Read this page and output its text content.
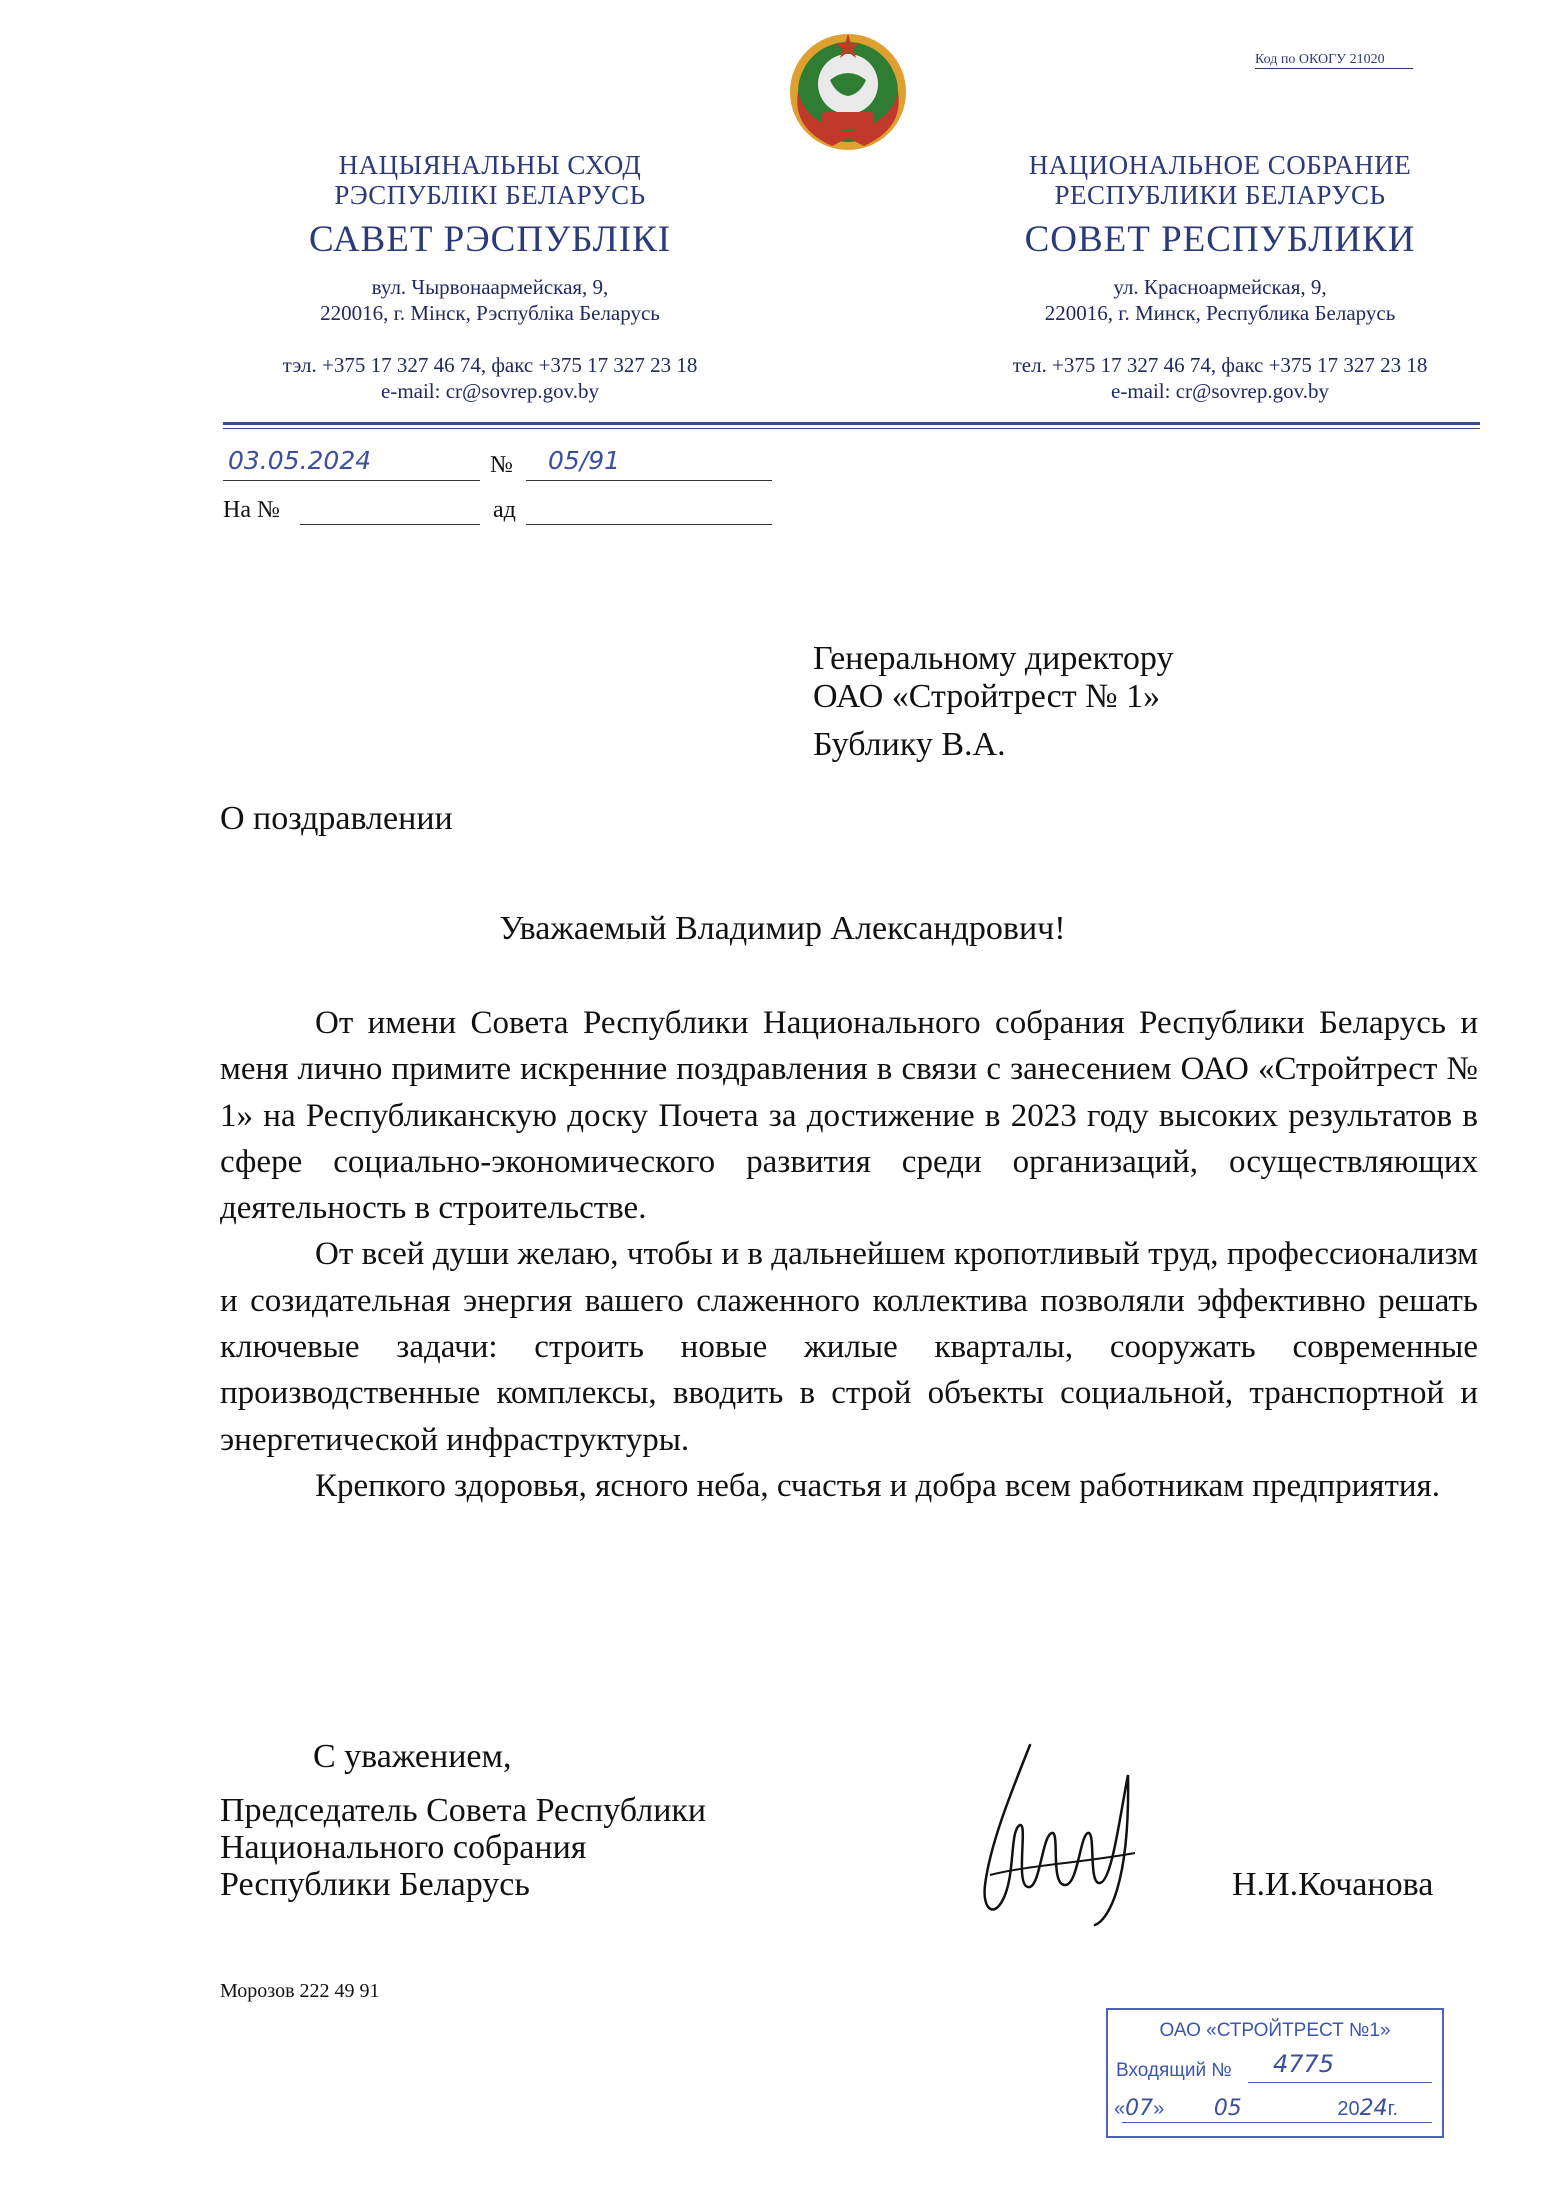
Код по ОКОГУ 21020
НАЦЫЯНАЛЬНЫ СХОД
РЭСПУБЛІКІ БЕЛАРУСЬ
САВЕТ РЭСПУБЛІКІ
вул. Чырвонаармейская, 9,
220016, г. Мінск, Рэспубліка Беларусь
тэл. +375 17 327 46 74, факс +375 17 327 23 18
e-mail: cr@sovrep.gov.by
НАЦИОНАЛЬНОЕ СОБРАНИЕ
РЕСПУБЛИКИ БЕЛАРУСЬ
СОВЕТ РЕСПУБЛИКИ
ул. Красноармейская, 9,
220016, г. Минск, Республика Беларусь
тел. +375 17 327 46 74, факс +375 17 327 23 18
e-mail: cr@sovrep.gov.by
03.05.2024	№ 05/91
На №	ад
Генеральному директору
ОАО «Стройтрест № 1»
Бублику В.А.
О поздравлении
Уважаемый Владимир Александрович!

От имени Совета Республики Национального собрания Республики Беларусь и меня лично примите искренние поздравления в связи с занесением ОАО «Стройтрест № 1» на Республиканскую доску Почета за достижение в 2023 году высоких результатов в сфере социально-экономического развития среди организаций, осуществляющих деятельность в строительстве.

От всей души желаю, чтобы и в дальнейшем кропотливый труд, профессионализм и созидательная энергия вашего слаженного коллектива позволяли эффективно решать ключевые задачи: строить новые жилые кварталы, сооружать современные производственные комплексы, вводить в строй объекты социальной, транспортной и энергетической инфраструктуры.

Крепкого здоровья, ясного неба, счастья и добра всем работникам предприятия.

С уважением,
Председатель Совета Республики
Национального собрания
Республики Беларусь	Н.И.Кочанова
Морозов 222 49 91
ОАО «СТРОЙТРЕСТ №1»
Входящий № 4775
«07» 05	2024г.
